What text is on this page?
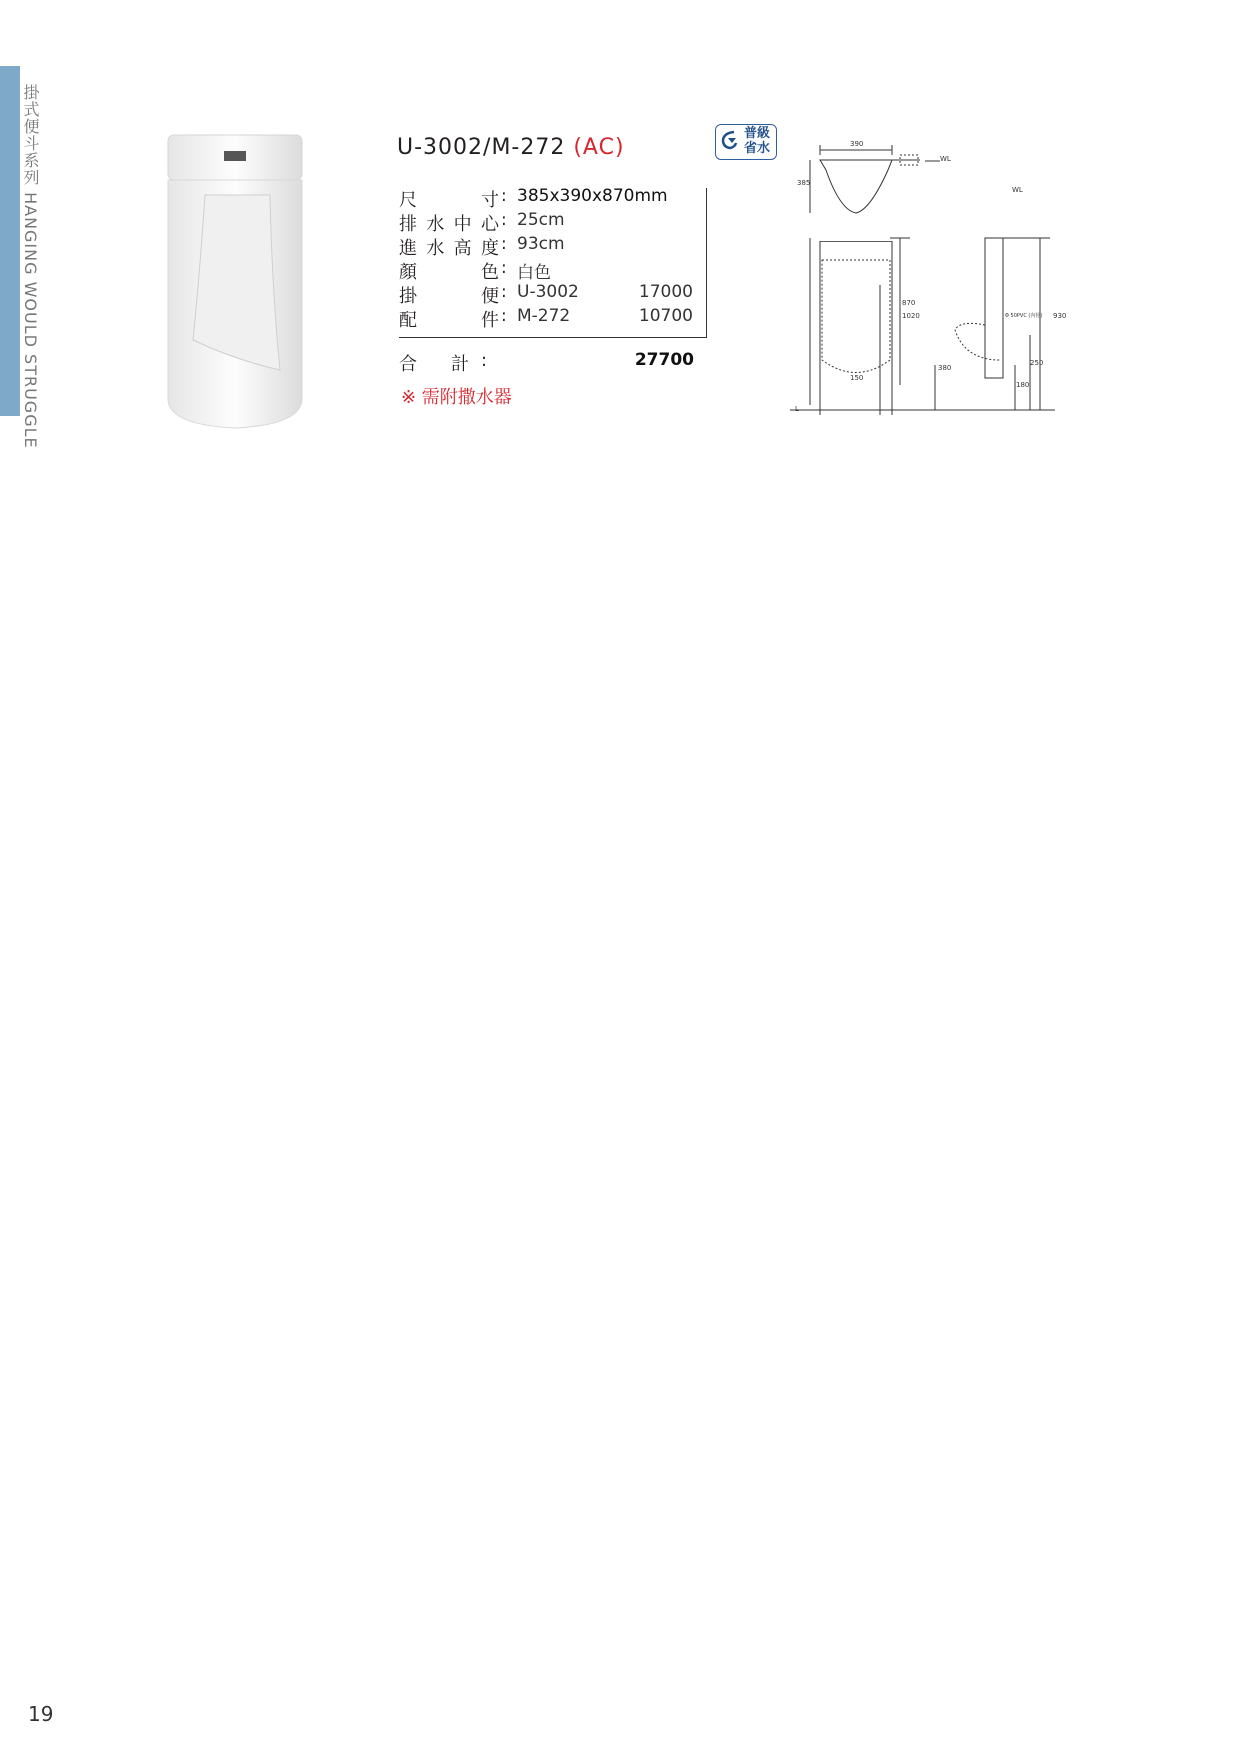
掛式便斗系列 HANGING WOULD STRUGGLE	U-3002/M-272 (AC)
普級
省水
尺	寸 : 385x390x870mm
排 水 中 心 : 25cm
進 水 高 度 : 93cm
顏	色 : 白色
掛	便 : U-3002	17000
配	件 : M-272	10700
合 計 :	27700
※ 需附撒水器
390
385
870
1020
380
150
930
250
180
WL
WL
L
Φ 50PVC (內徑)
19
